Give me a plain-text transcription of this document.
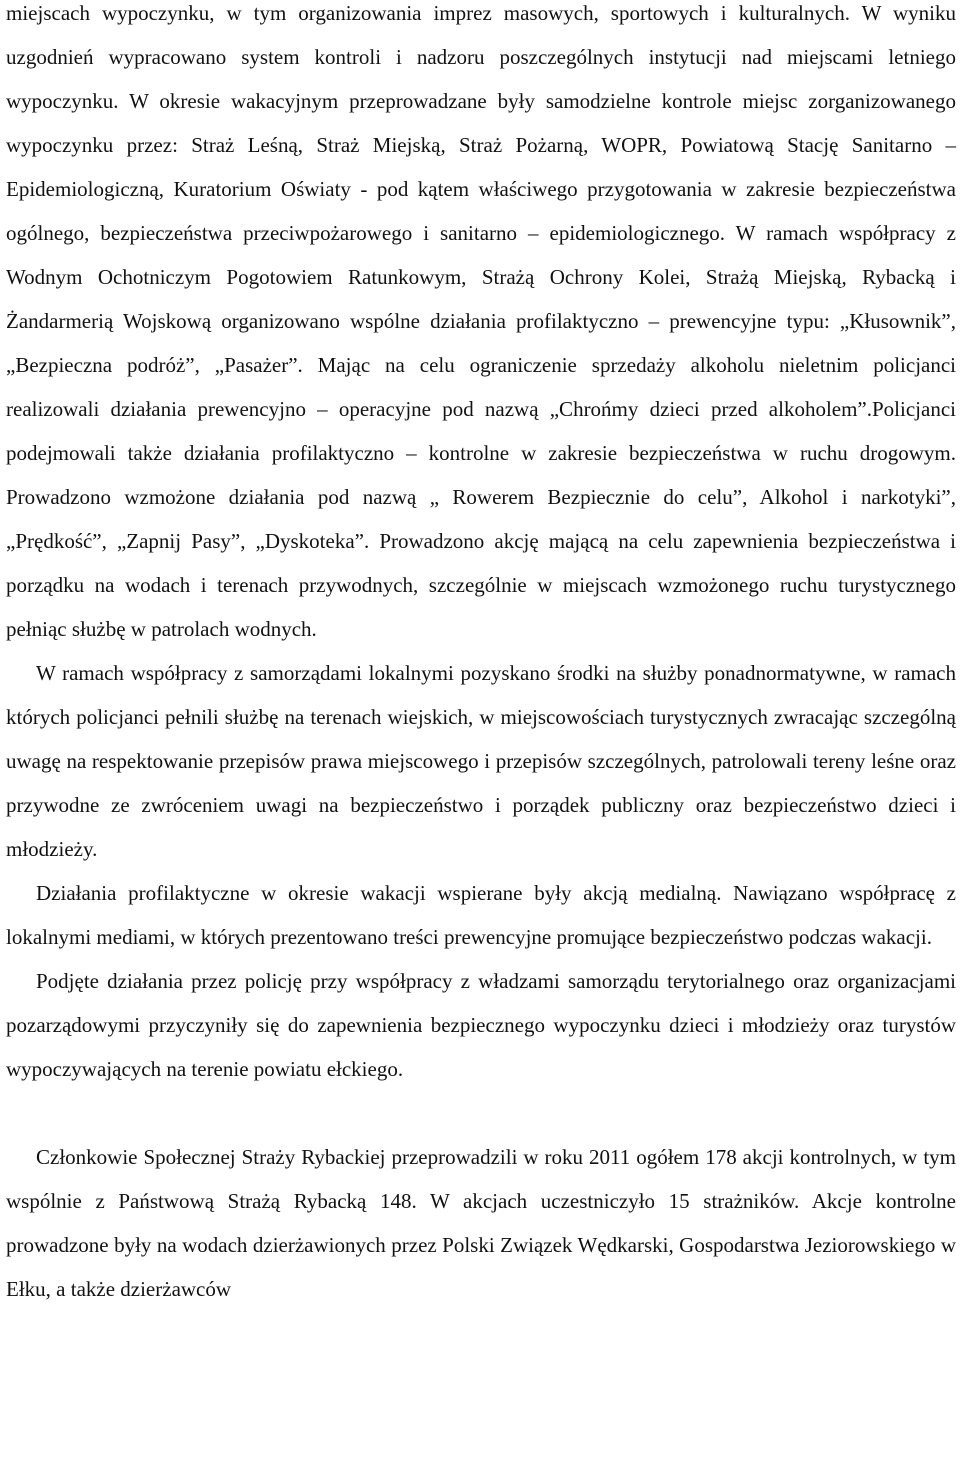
miejscach wypoczynku, w tym organizowania imprez masowych, sportowych i kulturalnych. W wyniku uzgodnień wypracowano system kontroli i nadzoru poszczególnych instytucji nad miejscami letniego wypoczynku. W okresie wakacyjnym przeprowadzane były samodzielne kontrole miejsc zorganizowanego wypoczynku przez: Straż Leśną, Straż Miejską, Straż Pożarną, WOPR, Powiatową Stację Sanitarno – Epidemiologiczną, Kuratorium Oświaty - pod kątem właściwego przygotowania w zakresie bezpieczeństwa ogólnego, bezpieczeństwa przeciwpożarowego i sanitarno – epidemiologicznego. W ramach współpracy z Wodnym Ochotniczym Pogotowiem Ratunkowym, Strażą Ochrony Kolei, Strażą Miejską, Rybacką i Żandarmerią Wojskową organizowano wspólne działania profilaktyczno – prewencyjne typu: „Kłusownik”, „Bezpieczna podróż”, „Pasażer”. Mając na celu ograniczenie sprzedaży alkoholu nieletnim policjanci realizowali działania prewencyjno – operacyjne pod nazwą „Chrońmy dzieci przed alkoholem”.Policjanci podejmowali także działania profilaktyczno – kontrolne w zakresie bezpieczeństwa w ruchu drogowym. Prowadzono wzmożone działania pod nazwą „ Rowerem Bezpiecznie do celu”, Alkohol i narkotyki”, „Prędkość”, „Zapnij Pasy”, „Dyskoteka”. Prowadzono akcję mającą na celu zapewnienia bezpieczeństwa i porządku na wodach i terenach przywodnych, szczególnie w miejscach wzmożonego ruchu turystycznego pełniąc służbę w patrolach wodnych.

W ramach współpracy z samorządami lokalnymi pozyskano środki na służby ponadnormatywne, w ramach których policjanci pełnili służbę na terenach wiejskich, w miejscowościach turystycznych zwracając szczególną uwagę na respektowanie przepisów prawa miejscowego i przepisów szczególnych, patrolowali tereny leśne oraz przywodne ze zwróceniem uwagi na bezpieczeństwo i porządek publiczny oraz bezpieczeństwo dzieci i młodzieży.

Działania profilaktyczne w okresie wakacji wspierane były akcją medialną. Nawiązano współpracę z lokalnymi mediami, w których prezentowano treści prewencyjne promujące bezpieczeństwo podczas wakacji.

Podjęte działania przez policję przy współpracy z władzami samorządu terytorialnego oraz organizacjami pozarządowymi przyczyniły się do zapewnienia bezpiecznego wypoczynku dzieci i młodzieży oraz turystów wypoczywających na terenie powiatu ełckiego.

Członkowie Społecznej Straży Rybackiej przeprowadzili w roku 2011 ogółem 178 akcji kontrolnych, w tym wspólnie z Państwową Strażą Rybacką 148. W akcjach uczestniczyło 15 strażników. Akcje kontrolne prowadzone były na wodach dzierżawionych przez Polski Związek Wędkarski, Gospodarstwa Jeziorowskiego w Ełku, a także dzierżawców
